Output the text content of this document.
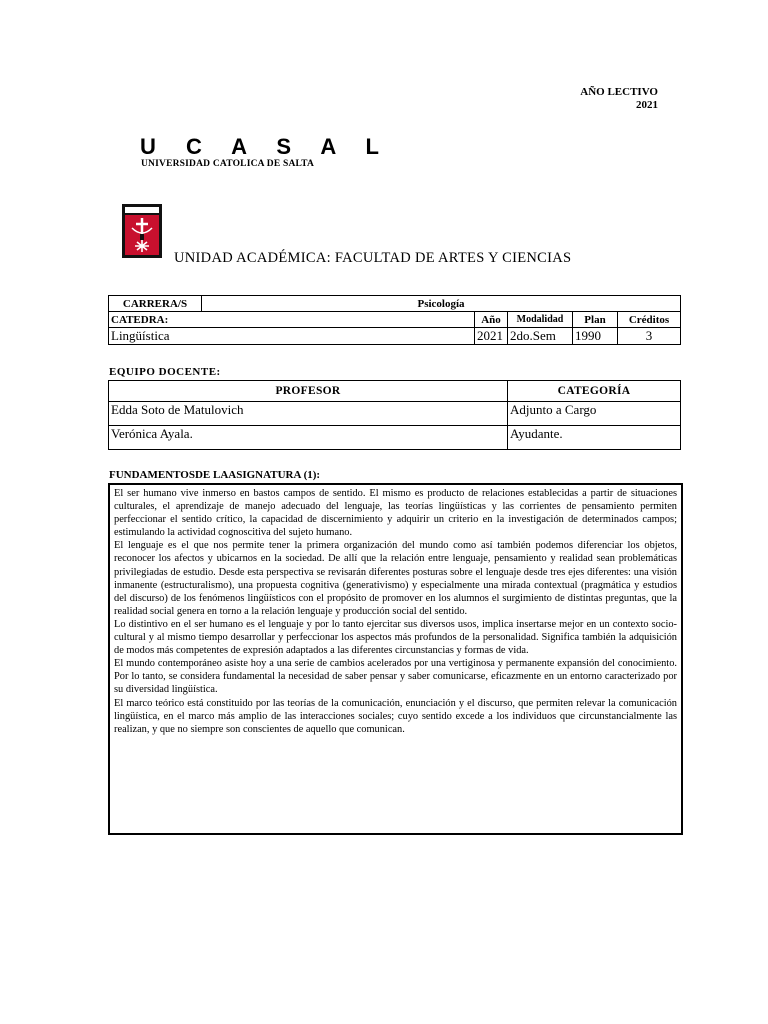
AÑO LECTIVO
2021
U C A S A L
UNIVERSIDAD CATOLICA DE SALTA
UNIDAD ACADÉMICA: FACULTAD DE ARTES Y CIENCIAS
CARRERA/S	Psicología				
CATEDRA:		Año	Modalidad	Plan	Créditos
Lingüística		2021	2do.Sem	1990	3
EQUIPO DOCENTE:
PROFESOR	CATEGORÍA
Edda Soto de Matulovich	Adjunto a Cargo
Verónica Ayala.	Ayudante.
FUNDAMENTOSDE LAASIGNATURA (1):

El ser humano vive inmerso en bastos campos de sentido. El mismo es producto de relaciones establecidas a partir de situaciones culturales, el aprendizaje de manejo adecuado del lenguaje, las teorías lingüísticas y las corrientes de pensamiento permiten perfeccionar el sentido crítico, la capacidad de discernimiento y adquirir un criterio en la investigación de determinados campos; estimulando la actividad cognoscitiva del sujeto humano.

El lenguaje es el que nos permite tener la primera organización del mundo como así también podemos diferenciar los objetos, reconocer los afectos y ubicarnos en la sociedad. De allí que la relación entre lenguaje, pensamiento y realidad sean problemáticas privilegiadas de estudio. Desde esta perspectiva se revisarán diferentes posturas sobre el lenguaje desde tres ejes diferentes: una visión inmanente (estructuralismo), una propuesta cognitiva (generativismo) y especialmente una mirada contextual (pragmática y estudios del discurso) de los fenómenos lingüísticos con el propósito de promover en los alumnos el surgimiento de distintas preguntas, que la realidad social genera en torno a la relación lenguaje y producción social del sentido.

Lo distintivo en el ser humano es el lenguaje y por lo tanto ejercitar sus diversos usos, implica insertarse mejor en un contexto socio-cultural y al mismo tiempo desarrollar y perfeccionar los aspectos más profundos de la personalidad. Significa también la adquisición de modos más competentes de expresión adaptados a las diferentes circunstancias y formas de vida.

El mundo contemporáneo asiste hoy a una serie de cambios acelerados por una vertiginosa y permanente expansión del conocimiento. Por lo tanto, se considera fundamental la necesidad de saber pensar y saber comunicarse, eficazmente en un entorno caracterizado por su diversidad lingüística.

El marco teórico está constituido por las teorías de la comunicación, enunciación y el discurso, que permiten relevar la comunicación lingüística, en el marco más amplio de las interacciones sociales; cuyo sentido excede a los individuos que circunstancialmente las realizan, y que no siempre son conscientes de aquello que comunican.
